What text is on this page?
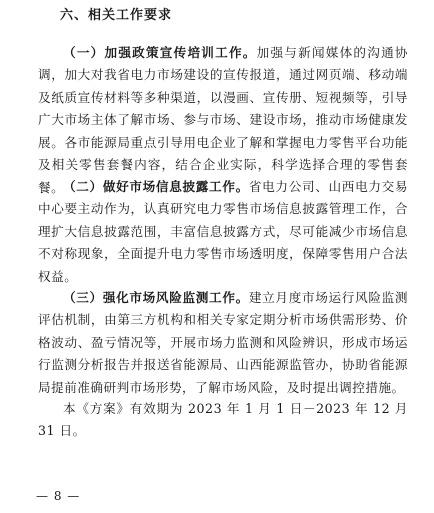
六、相关工作要求

（一）加强政策宣传培训工作。加强与新闻媒体的沟通协调，加大对我省电力市场建设的宣传报道，通过网页端、移动端及纸质宣传材料等多种渠道，以漫画、宣传册、短视频等，引导广大市场主体了解市场、参与市场、建设市场，推动市场健康发展。各市能源局重点引导用电企业了解和掌握电力零售平台功能及相关零售套餐内容，结合企业实际，科学选择合理的零售套餐。

（二）做好市场信息披露工作。省电力公司、山西电力交易中心要主动作为，认真研究电力零售市场信息披露管理工作，合理扩大信息披露范围，丰富信息披露方式，尽可能减少市场信息不对称现象，全面提升电力零售市场透明度，保障零售用户合法权益。

（三）强化市场风险监测工作。建立月度市场运行风险监测评估机制，由第三方机构和相关专家定期分析市场供需形势、价格波动、盈亏情况等，开展市场力监测和风险辨识，形成市场运行监测分析报告并报送省能源局、山西能源监管办，协助省能源局提前准确研判市场形势，了解市场风险，及时提出调控措施。

本《方案》有效期为 2023 年 1 月 1 日－2023 年 12 月 31 日。

— 8 —
